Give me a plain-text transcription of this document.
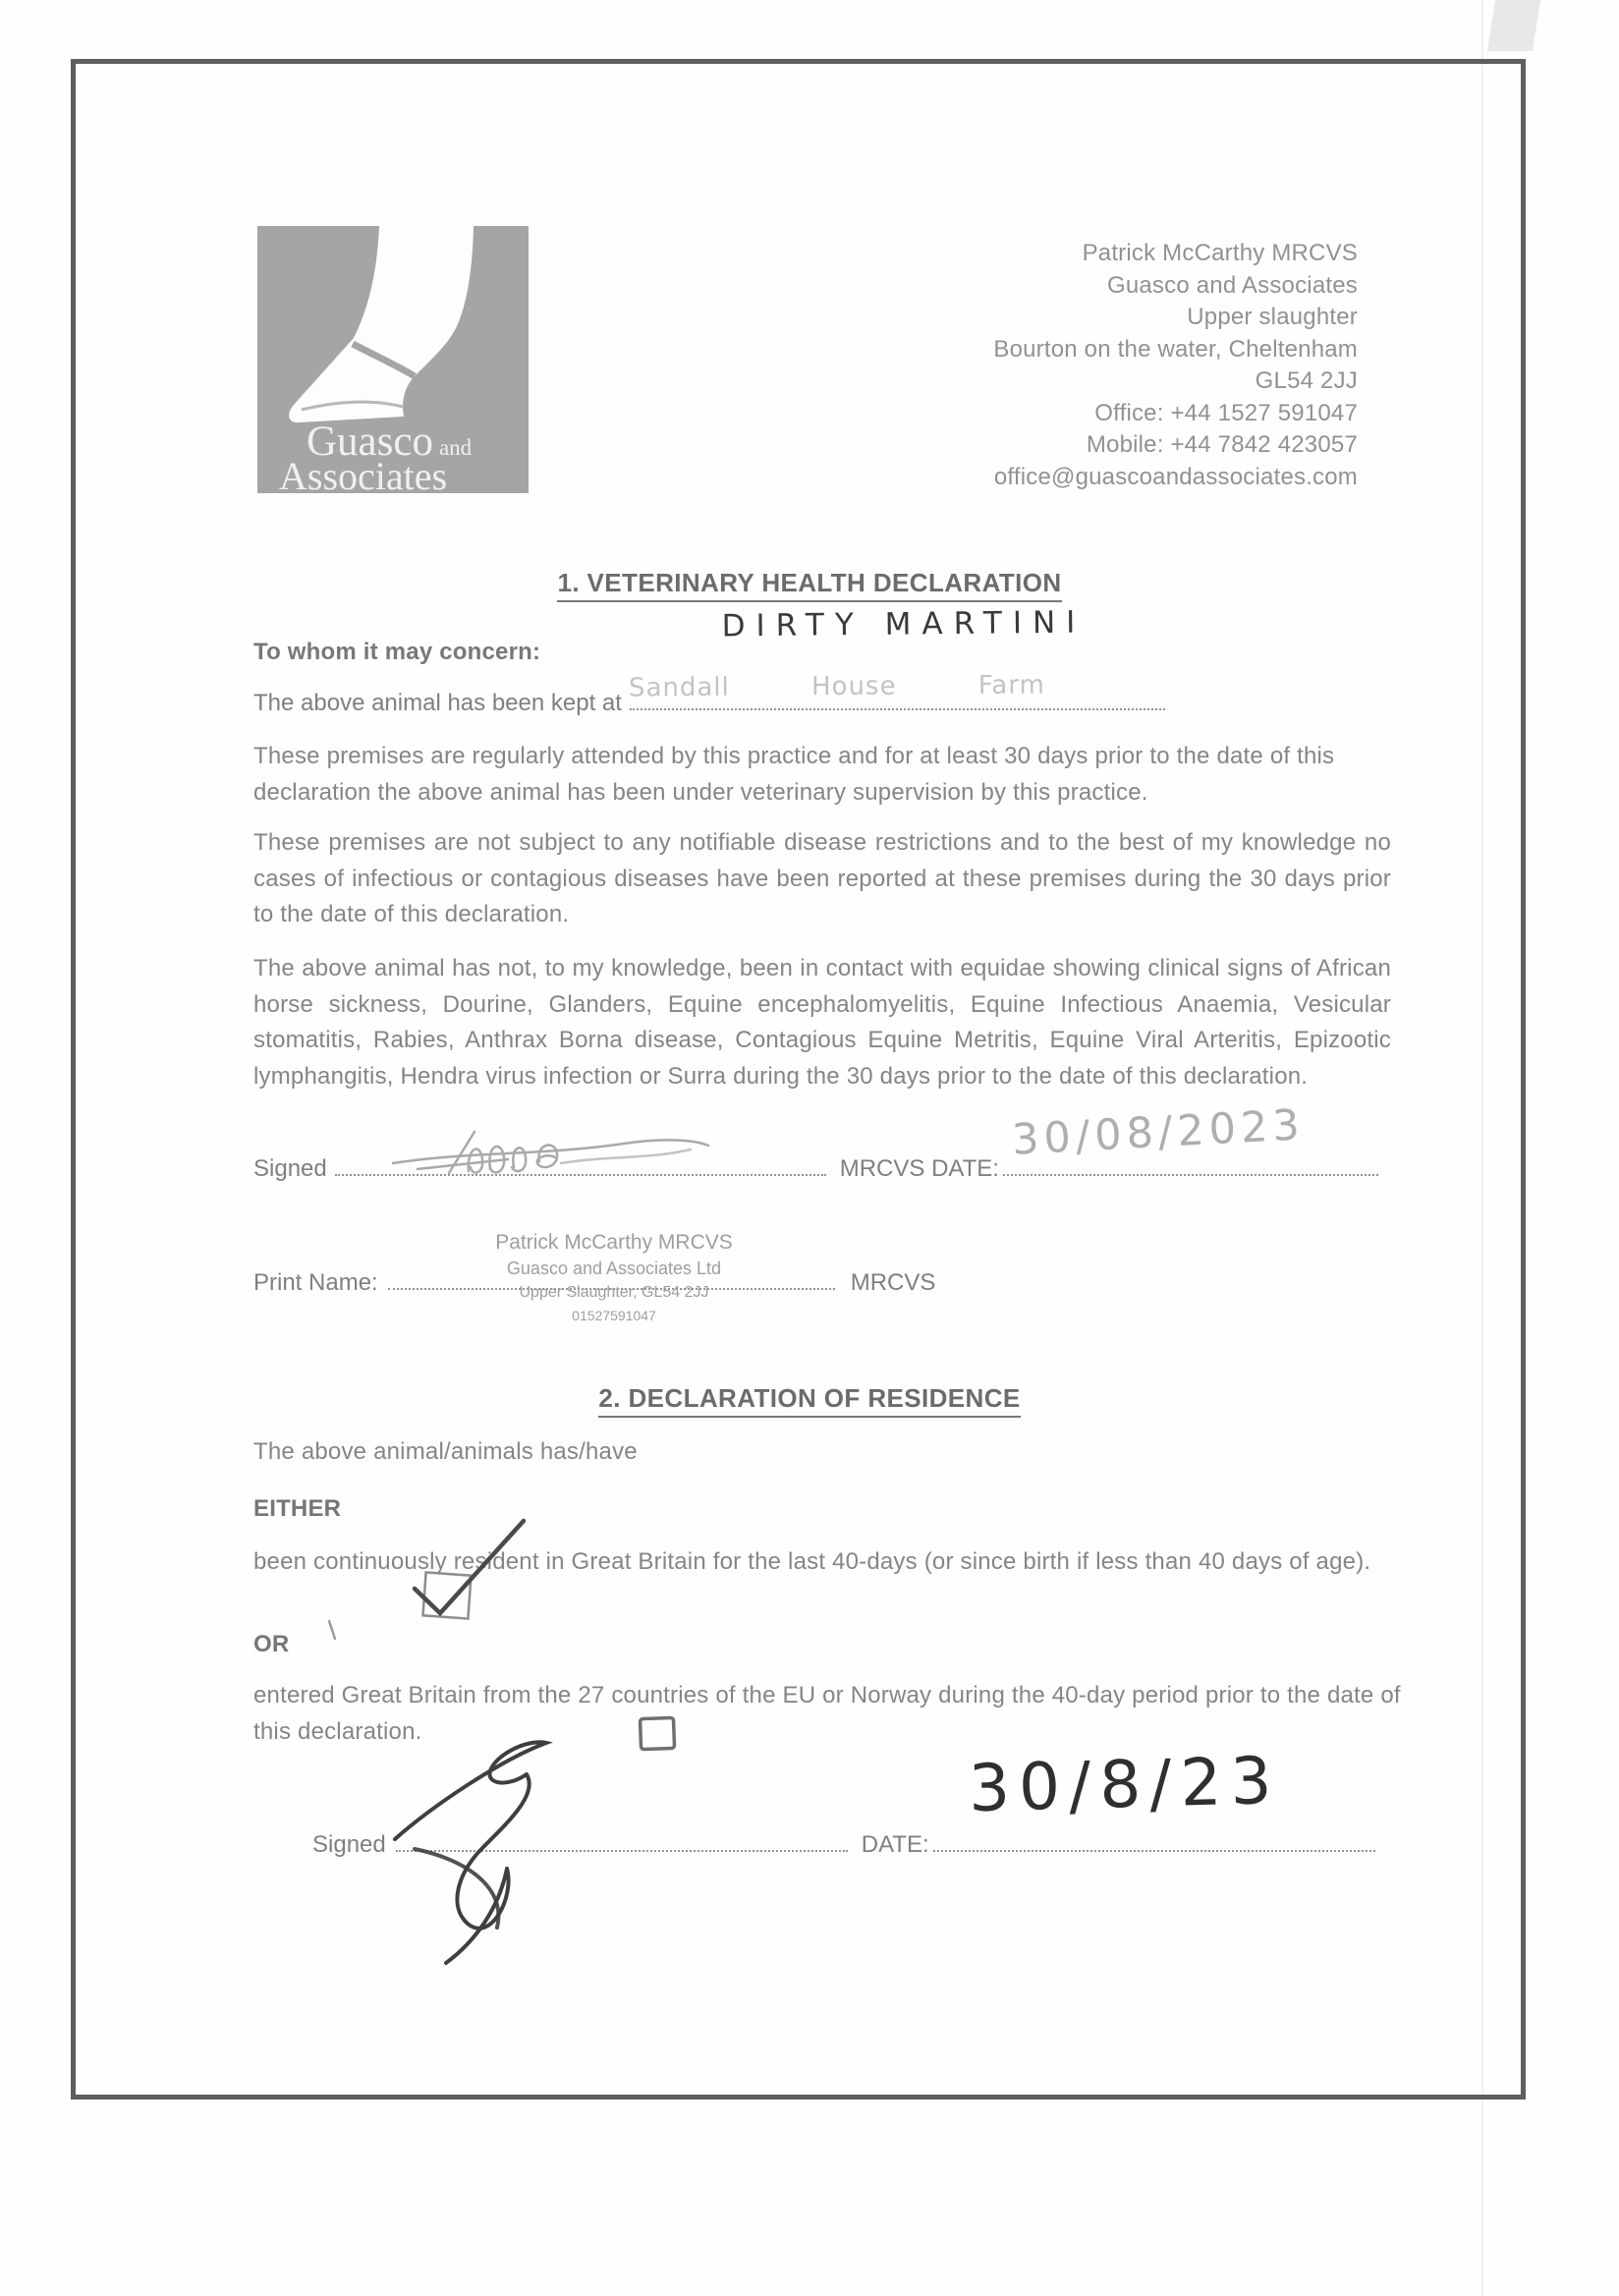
Guasco and
Associates
Patrick McCarthy MRCVS
Guasco and Associates
Upper slaughter
Bourton on the water, Cheltenham
GL54 2JJ
Office: +44 1527 591047
Mobile: +44 7842 423057
office@guascoandassociates.com
1. VETERINARY HEALTH DECLARATION
DIRTY MARTINI
To whom it may concern:
The above animal has been kept at Sandall House Farm
These premises are regularly attended by this practice and for at least 30 days prior to the date of this declaration the above animal has been under veterinary supervision by this practice.
These premises are not subject to any notifiable disease restrictions and to the best of my knowledge no cases of infectious or contagious diseases have been reported at these premises during the 30 days prior to the date of this declaration.
The above animal has not, to my knowledge, been in contact with equidae showing clinical signs of African horse sickness, Dourine, Glanders, Equine encephalomyelitis, Equine Infectious Anaemia, Vesicular stomatitis, Rabies, Anthrax Borna disease, Contagious Equine Metritis, Equine Viral Arteritis, Epizootic lymphangitis, Hendra virus infection or Surra during the 30 days prior to the date of this declaration.
Signed	MRCVS DATE:
30/08/2023
Print Name:	MRCVS
Patrick McCarthy MRCVS
Guasco and Associates Ltd
Upper Slaughter, GL54 2JJ
01527591047
2. DECLARATION OF RESIDENCE
The above animal/animals has/have
EITHER
been continuously resident in Great Britain for the last 40-days (or since birth if less than 40 days of age).
OR
entered Great Britain from the 27 countries of the EU or Norway during the 40-day period prior to the date of this declaration.
Signed	DATE:
30/8/23
